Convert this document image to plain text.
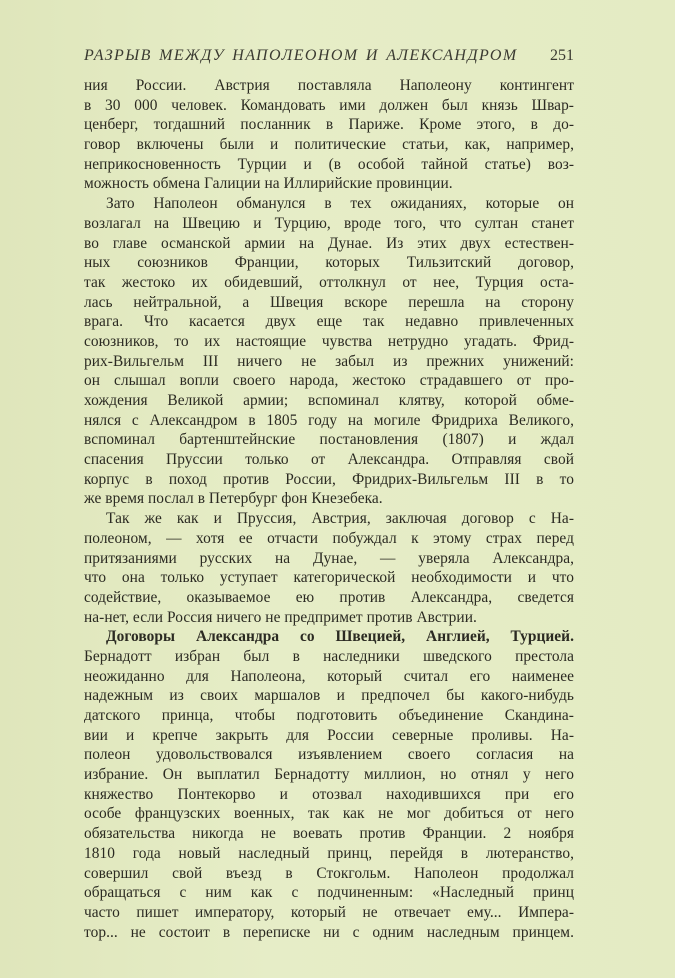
РАЗРЫВ МЕЖДУ НАПОЛЕОНОМ И АЛЕКСАНДРОМ 251
ния России. Австрия поставляла Наполеону контингент
в 30 000 человек. Командовать ими должен был князь Швар-
ценберг, тогдашний посланник в Париже. Кроме этого, в до-
говор включены были и политические статьи, как, например,
неприкосновенность Турции и (в особой тайной статье) воз-
можность обмена Галиции на Иллирийские провинции.
Зато Наполеон обманулся в тех ожиданиях, которые он
возлагал на Швецию и Турцию, вроде того, что султан станет
во главе османской армии на Дунае. Из этих двух естествен-
ных союзников Франции, которых Тильзитский договор,
так жестоко их обидевший, оттолкнул от нее, Турция оста-
лась нейтральной, а Швеция вскоре перешла на сторону
врага. Что касается двух еще так недавно привлеченных
союзников, то их настоящие чувства нетрудно угадать. Фрид-
рих-Вильгельм III ничего не забыл из прежних унижений:
он слышал вопли своего народа, жестоко страдавшего от про-
хождения Великой армии; вспоминал клятву, которой обме-
нялся с Александром в 1805 году на могиле Фридриха Великого,
вспоминал бартенштейнские постановления (1807) и ждал
спасения Пруссии только от Александра. Отправляя свой
корпус в поход против России, Фридрих-Вильгельм III в то
же время послал в Петербург фон Кнезебека.
Так же как и Пруссия, Австрия, заключая договор с На-
полеоном, — хотя ее отчасти побуждал к этому страх перед
притязаниями русских на Дунае, — уверяла Александра,
что она только уступает категорической необходимости и что
содействие, оказываемое ею против Александра, сведется
на-нет, если Россия ничего не предпримет против Австрии.
Договоры Александра со Швецией, Англией, Турцией.
Бернадотт избран был в наследники шведского престола
неожиданно для Наполеона, который считал его наименее
надежным из своих маршалов и предпочел бы какого-нибудь
датского принца, чтобы подготовить объединение Скандина-
вии и крепче закрыть для России северные проливы. На-
полеон удовольствовался изъявлением своего согласия на
избрание. Он выплатил Бернадотту миллион, но отнял у него
княжество Понтекорво и отозвал находившихся при его
особе французских военных, так как не мог добиться от него
обязательства никогда не воевать против Франции. 2 ноября
1810 года новый наследный принц, перейдя в лютеранство,
совершил свой въезд в Стокгольм. Наполеон продолжал
обращаться с ним как с подчиненным: «Наследный принц
часто пишет императору, который не отвечает ему... Импера-
тор... не состоит в переписке ни с одним наследным принцем.
